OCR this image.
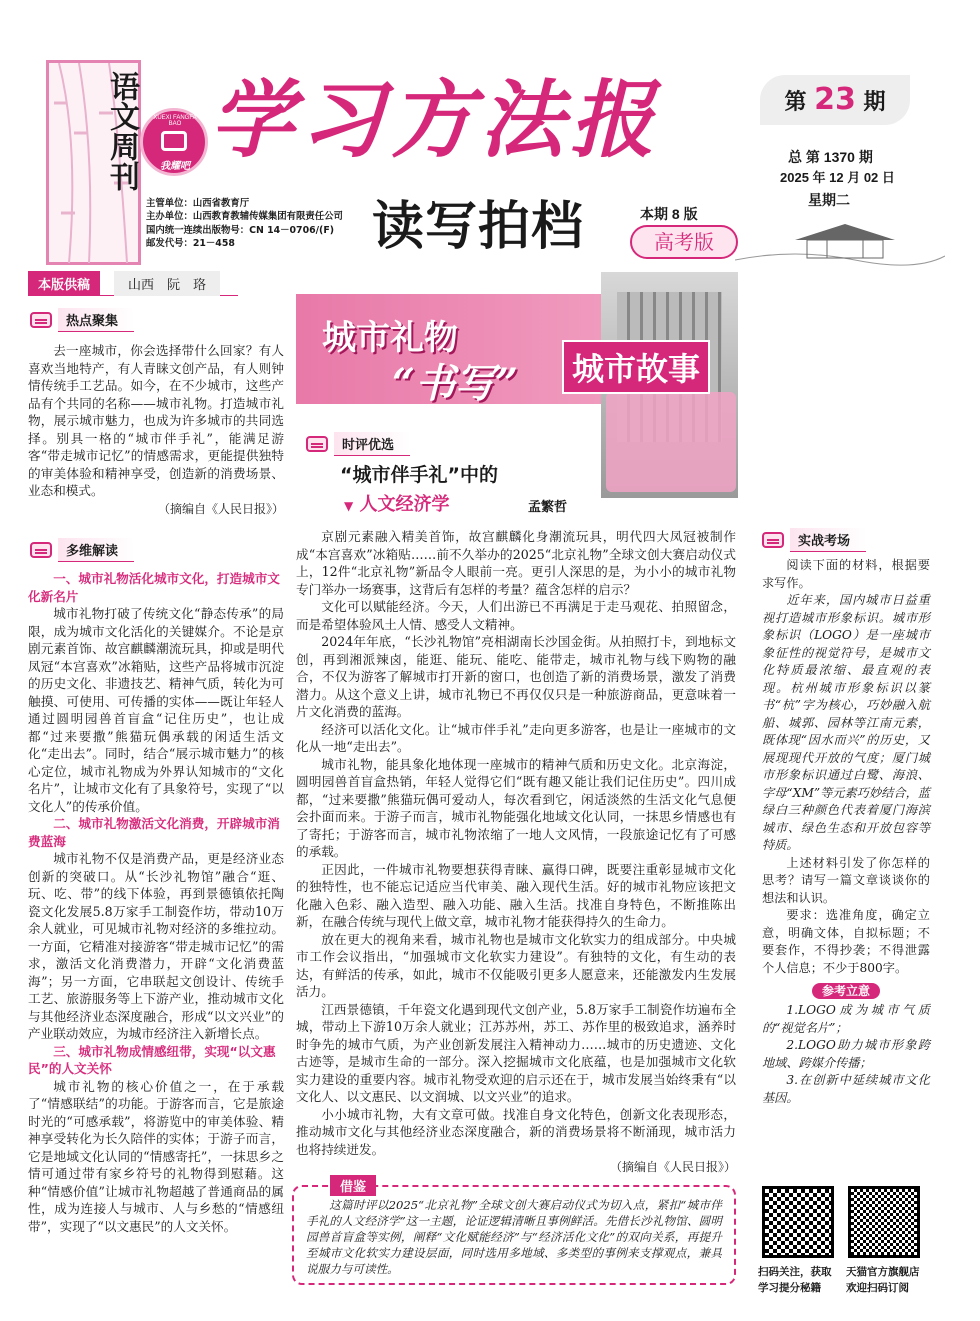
语文周刊
XUEXI FANGFA BAO
我耀吧 学习方法报
主管单位：山西省教育厅
主办单位：山西教育教辅传媒集团有限责任公司
国内统一连续出版物号：CN 14－0706/(F)
邮发代号：21－458	读写拍档	本期 8 版
高考版
第 23 期
总 第 1370 期
2025 年 12 月 02 日
星期二
本版供稿	山西　阮　珞
热点聚集

去一座城市，你会选择带什么回家？有人喜欢当地特产，有人青睐文创产品，有人则钟情传统手工艺品。如今，在不少城市，这些产品有个共同的名称——城市礼物。打造城市礼物，展示城市魅力，也成为许多城市的共同选择。别具一格的“城市伴手礼”，能满足游客“带走城市记忆”的情感需求，更能提供独特的审美体验和精神享受，创造新的消费场景、业态和模式。

（摘编自《人民日报》）
多维解读
一、城市礼物活化城市文化，打造城市文化新名片

城市礼物打破了传统文化“静态传承”的局限，成为城市文化活化的关键媒介。不论是京剧元素首饰、故宫麒麟潮流玩具，抑或是明代凤冠“本宫喜欢”冰箱贴，这些产品将城市沉淀的历史文化、非遗技艺、精神气质，转化为可触摸、可使用、可传播的实体——既让年轻人通过圆明园兽首盲盒“记住历史”，也让成都“过来要撒”熊猫玩偶承载的闲适生活文化“走出去”。同时，结合“展示城市魅力”的核心定位，城市礼物成为外界认知城市的“文化名片”，让城市文化有了具象符号，实现了“以文化人”的传承价值。

二、城市礼物激活文化消费，开辟城市消费蓝海

城市礼物不仅是消费产品，更是经济业态创新的突破口。从“长沙礼物馆”融合“逛、玩、吃、带”的线下体验，再到景德镇依托陶瓷文化发展5.8万家手工制瓷作坊，带动10万余人就业，可见城市礼物对经济的多维拉动。一方面，它精准对接游客“带走城市记忆”的需求，激活文化消费潜力，开辟“文化消费蓝海”；另一方面，它串联起文创设计、传统手工艺、旅游服务等上下游产业，推动城市文化与其他经济业态深度融合，形成“以文兴业”的产业联动效应，为城市经济注入新增长点。

三、城市礼物成情感纽带，实现“以文惠民”的人文关怀

城市礼物的核心价值之一，在于承载了“情感联结”的功能。于游客而言，它是旅途时光的“可感承载”，将游览中的审美体验、精神享受转化为长久陪伴的实体；于游子而言，它是地域文化认同的“情感寄托”，一抹思乡之情可通过带有家乡符号的礼物得到慰藉。这种“情感价值”让城市礼物超越了普通商品的属性，成为连接人与城市、人与乡愁的“情感纽带”，实现了“以文惠民”的人文关怀。

城市礼物
“书写”	城市故事
时评优选
“城市伴手礼”中的
▼ 人文经济学	孟繁哲

京剧元素融入精美首饰，故宫麒麟化身潮流玩具，明代四大凤冠被制作成“本宫喜欢”冰箱贴……前不久举办的2025“北京礼物”全球文创大赛启动仪式上，12件“北京礼物”新品令人眼前一亮。更引人深思的是，为小小的城市礼物专门举办一场赛事，这背后有怎样的考量？蕴含怎样的启示？

文化可以赋能经济。今天，人们出游已不再满足于走马观花、拍照留念，而是希望体验风土人情、感受人文精神。

2024年年底，“长沙礼物馆”亮相湖南长沙国金街。从拍照打卡，到地标文创，再到湘派辣卤，能逛、能玩、能吃、能带走，城市礼物与线下购物的融合，不仅为游客了解城市打开新的窗口，也创造了新的消费场景，激发了消费潜力。从这个意义上讲，城市礼物已不再仅仅只是一种旅游商品，更意味着一片文化消费的蓝海。

经济可以活化文化。让“城市伴手礼”走向更多游客，也是让一座城市的文化从一地“走出去”。

城市礼物，能具象化地体现一座城市的精神气质和历史文化。北京海淀，圆明园兽首盲盒热销，年轻人觉得它们“既有趣又能让我们记住历史”。四川成都，“过来要撒”熊猫玩偶可爱动人，每次看到它，闲适淡然的生活文化气息便会扑面而来。于游子而言，城市礼物能强化地域文化认同，一抹思乡情感也有了寄托；于游客而言，城市礼物浓缩了一地人文风情，一段旅途记忆有了可感的承载。

正因此，一件城市礼物要想获得青睐、赢得口碑，既要注重彰显城市文化的独特性，也不能忘记适应当代审美、融入现代生活。好的城市礼物应该把文化融入色彩、融入造型、融入功能、融入生活。找准自身特色，不断推陈出新，在融合传统与现代上做文章，城市礼物才能获得持久的生命力。

放在更大的视角来看，城市礼物也是城市文化软实力的组成部分。中央城市工作会议指出，“加强城市文化软实力建设”。有独特的文化，有生动的表达，有鲜活的传承，如此，城市不仅能吸引更多人愿意来，还能激发内生发展活力。

江西景德镇，千年瓷文化遇到现代文创产业，5.8万家手工制瓷作坊遍布全城，带动上下游10万余人就业；江苏苏州，苏工、苏作里的极致追求，涵养时时争先的城市气质，为产业创新发展注入精神动力……城市的历史遗迹、文化古迹等，是城市生命的一部分。深入挖掘城市文化底蕴，也是加强城市文化软实力建设的重要内容。城市礼物受欢迎的启示还在于，城市发展当始终秉有“以文化人、以文惠民、以文润城、以文兴业”的追求。

小小城市礼物，大有文章可做。找准自身文化特色，创新文化表现形态，推动城市文化与其他经济业态深度融合，新的消费场景将不断涌现，城市活力也将持续迸发。

（摘编自《人民日报》）
借鉴

这篇时评以2025“北京礼物”全球文创大赛启动仪式为切入点，紧扣“城市伴手礼的人文经济学”这一主题，论证逻辑清晰且事例鲜活。先借长沙礼物馆、圆明园兽首盲盒等实例，阐释“文化赋能经济”与“经济活化文化”的双向关系，再提升至城市文化软实力建设层面，同时选用多地域、多类型的事例来支撑观点，兼具说服力与可读性。

实战考场

阅读下面的材料，根据要求写作。

近年来，国内城市日益重视打造城市形象标识。城市形象标识（LOGO）是一座城市象征性的视觉符号，是城市文化特质最浓缩、最直观的表现。杭州城市形象标识以篆书“杭”字为核心，巧妙融入航船、城郭、园林等江南元素，既体现“因水而兴”的历史，又展现现代开放的气度；厦门城市形象标识通过白鹭、海浪、字母“XM”等元素巧妙结合，蓝绿白三种颜色代表着厦门海滨城市、绿色生态和开放包容等特质。

上述材料引发了你怎样的思考？请写一篇文章谈谈你的想法和认识。

要求：选准角度，确定立意，明确文体，自拟标题；不要套作，不得抄袭；不得泄露个人信息；不少于800字。

参考立意

1.LOGO成为城市气质的“视觉名片”；

2.LOGO助力城市形象跨地域、跨媒介传播；

3.在创新中延续城市文化基因。

扫码关注，获取
学习提分秘籍
天猫官方旗舰店
欢迎扫码订阅
